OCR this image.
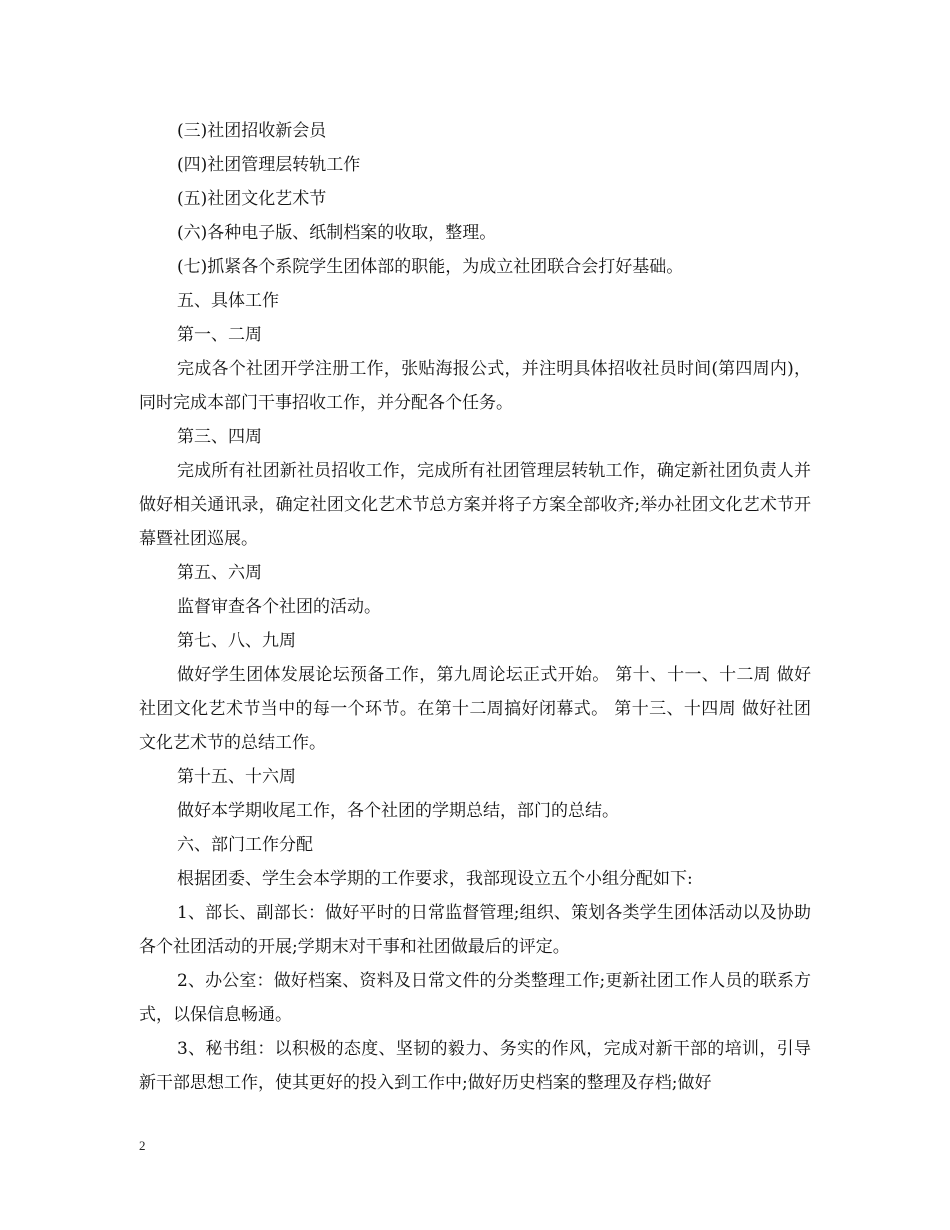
(三)社团招收新会员

(四)社团管理层转轨工作

(五)社团文化艺术节

(六)各种电子版、纸制档案的收取，整理。

(七)抓紧各个系院学生团体部的职能，为成立社团联合会打好基础。

五、具体工作

第一、二周

完成各个社团开学注册工作，张贴海报公式，并注明具体招收社员时间(第四周内)，同时完成本部门干事招收工作，并分配各个任务。

第三、四周

完成所有社团新社员招收工作，完成所有社团管理层转轨工作，确定新社团负责人并做好相关通讯录，确定社团文化艺术节总方案并将子方案全部收齐;举办社团文化艺术节开幕暨社团巡展。

第五、六周

监督审查各个社团的活动。

第七、八、九周

做好学生团体发展论坛预备工作，第九周论坛正式开始。 第十、十一、十二周 做好社团文化艺术节当中的每一个环节。在第十二周搞好闭幕式。 第十三、十四周 做好社团文化艺术节的总结工作。

第十五、十六周

做好本学期收尾工作，各个社团的学期总结，部门的总结。

六、部门工作分配

根据团委、学生会本学期的工作要求，我部现设立五个小组分配如下:

1、部长、副部长：做好平时的日常监督管理;组织、策划各类学生团体活动以及协助各个社团活动的开展;学期末对干事和社团做最后的评定。

2、办公室：做好档案、资料及日常文件的分类整理工作;更新社团工作人员的联系方式，以保信息畅通。

3、秘书组：以积极的态度、坚韧的毅力、务实的作风，完成对新干部的培训，引导新干部思想工作，使其更好的投入到工作中;做好历史档案的整理及存档;做好

2
